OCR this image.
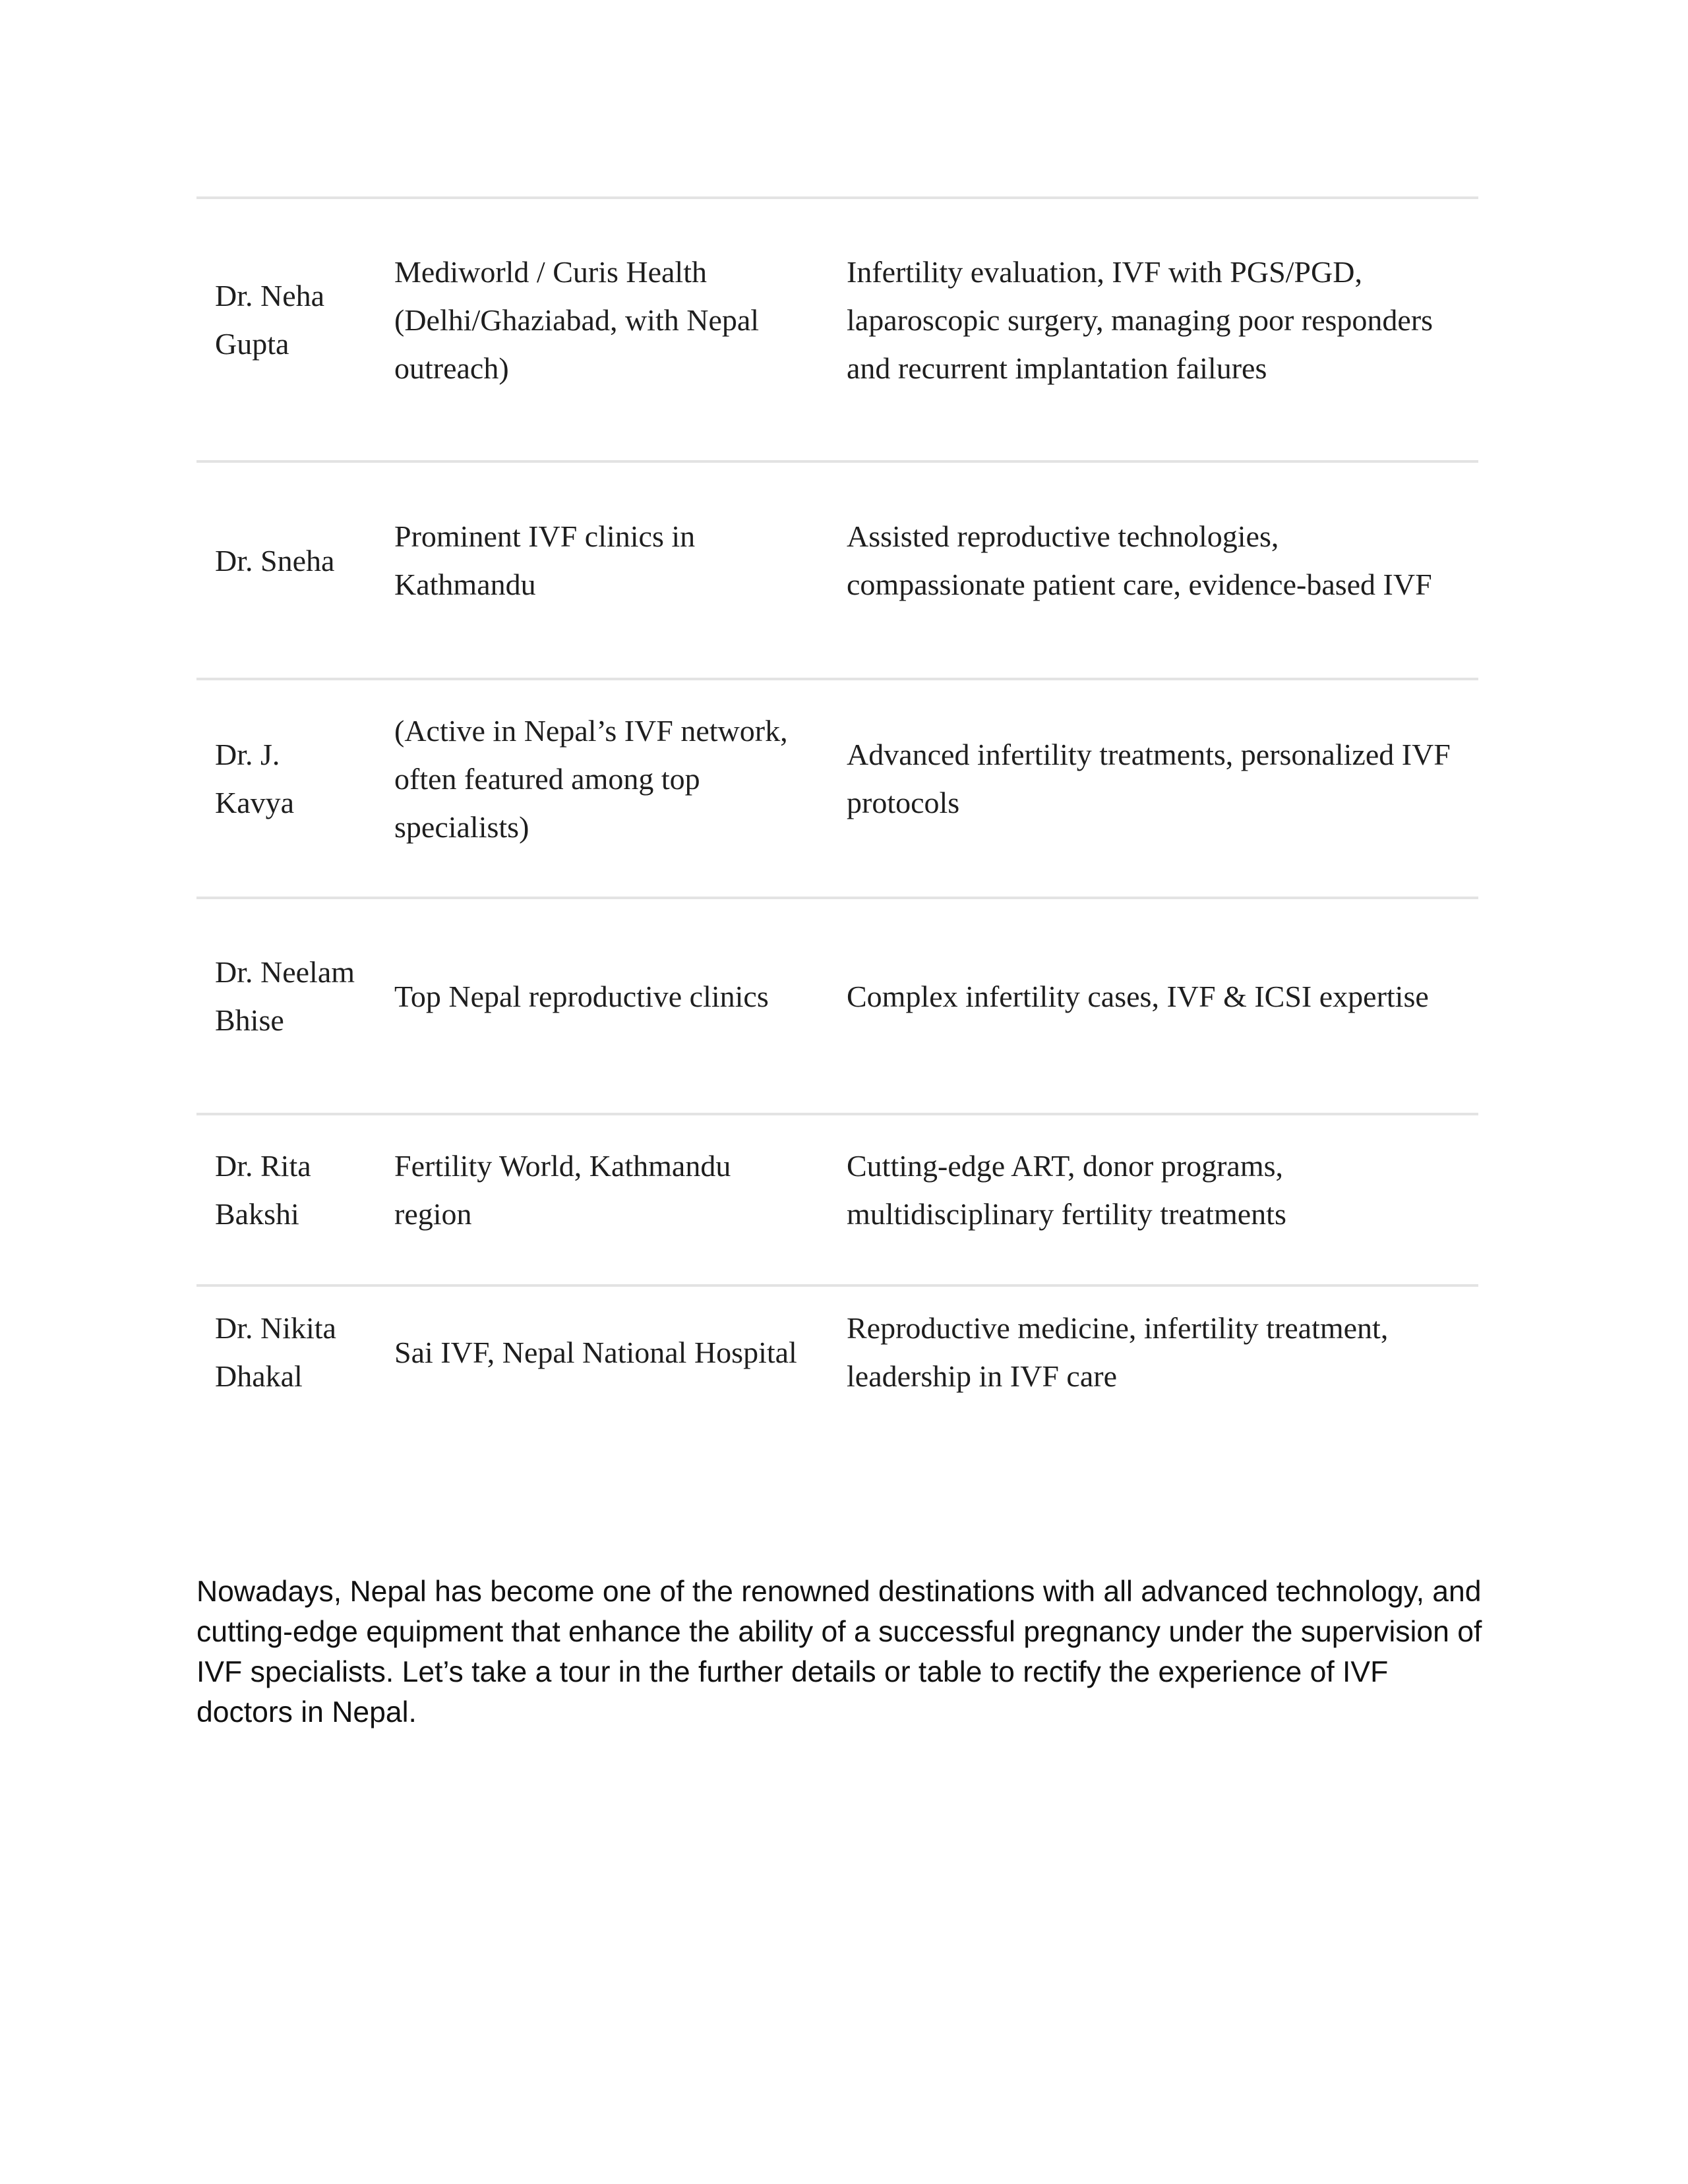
Dr. Neha Gupta	Mediworld / Curis Health (Delhi/Ghaziabad, with Nepal outreach)	Infertility evaluation, IVF with PGS/PGD, laparoscopic surgery, managing poor responders and recurrent implantation failures
Dr. Sneha	Prominent IVF clinics in Kathmandu	Assisted reproductive technologies, compassionate patient care, evidence-based IVF
Dr. J. Kavya	(Active in Nepal’s IVF network, often featured among top specialists)	Advanced infertility treatments, personalized IVF protocols
Dr. Neelam Bhise	Top Nepal reproductive clinics	Complex infertility cases, IVF & ICSI expertise
Dr. Rita Bakshi	Fertility World, Kathmandu region	Cutting-edge ART, donor programs, multidisciplinary fertility treatments
Dr. Nikita Dhakal	Sai IVF, Nepal National Hospital	Reproductive medicine, infertility treatment, leadership in IVF care

Nowadays, Nepal has become one of the renowned destinations with all advanced technology, and cutting-edge equipment that enhance the ability of a successful pregnancy under the supervision of IVF specialists. Let’s take a tour in the further details or table to rectify the experience of IVF doctors in Nepal.
